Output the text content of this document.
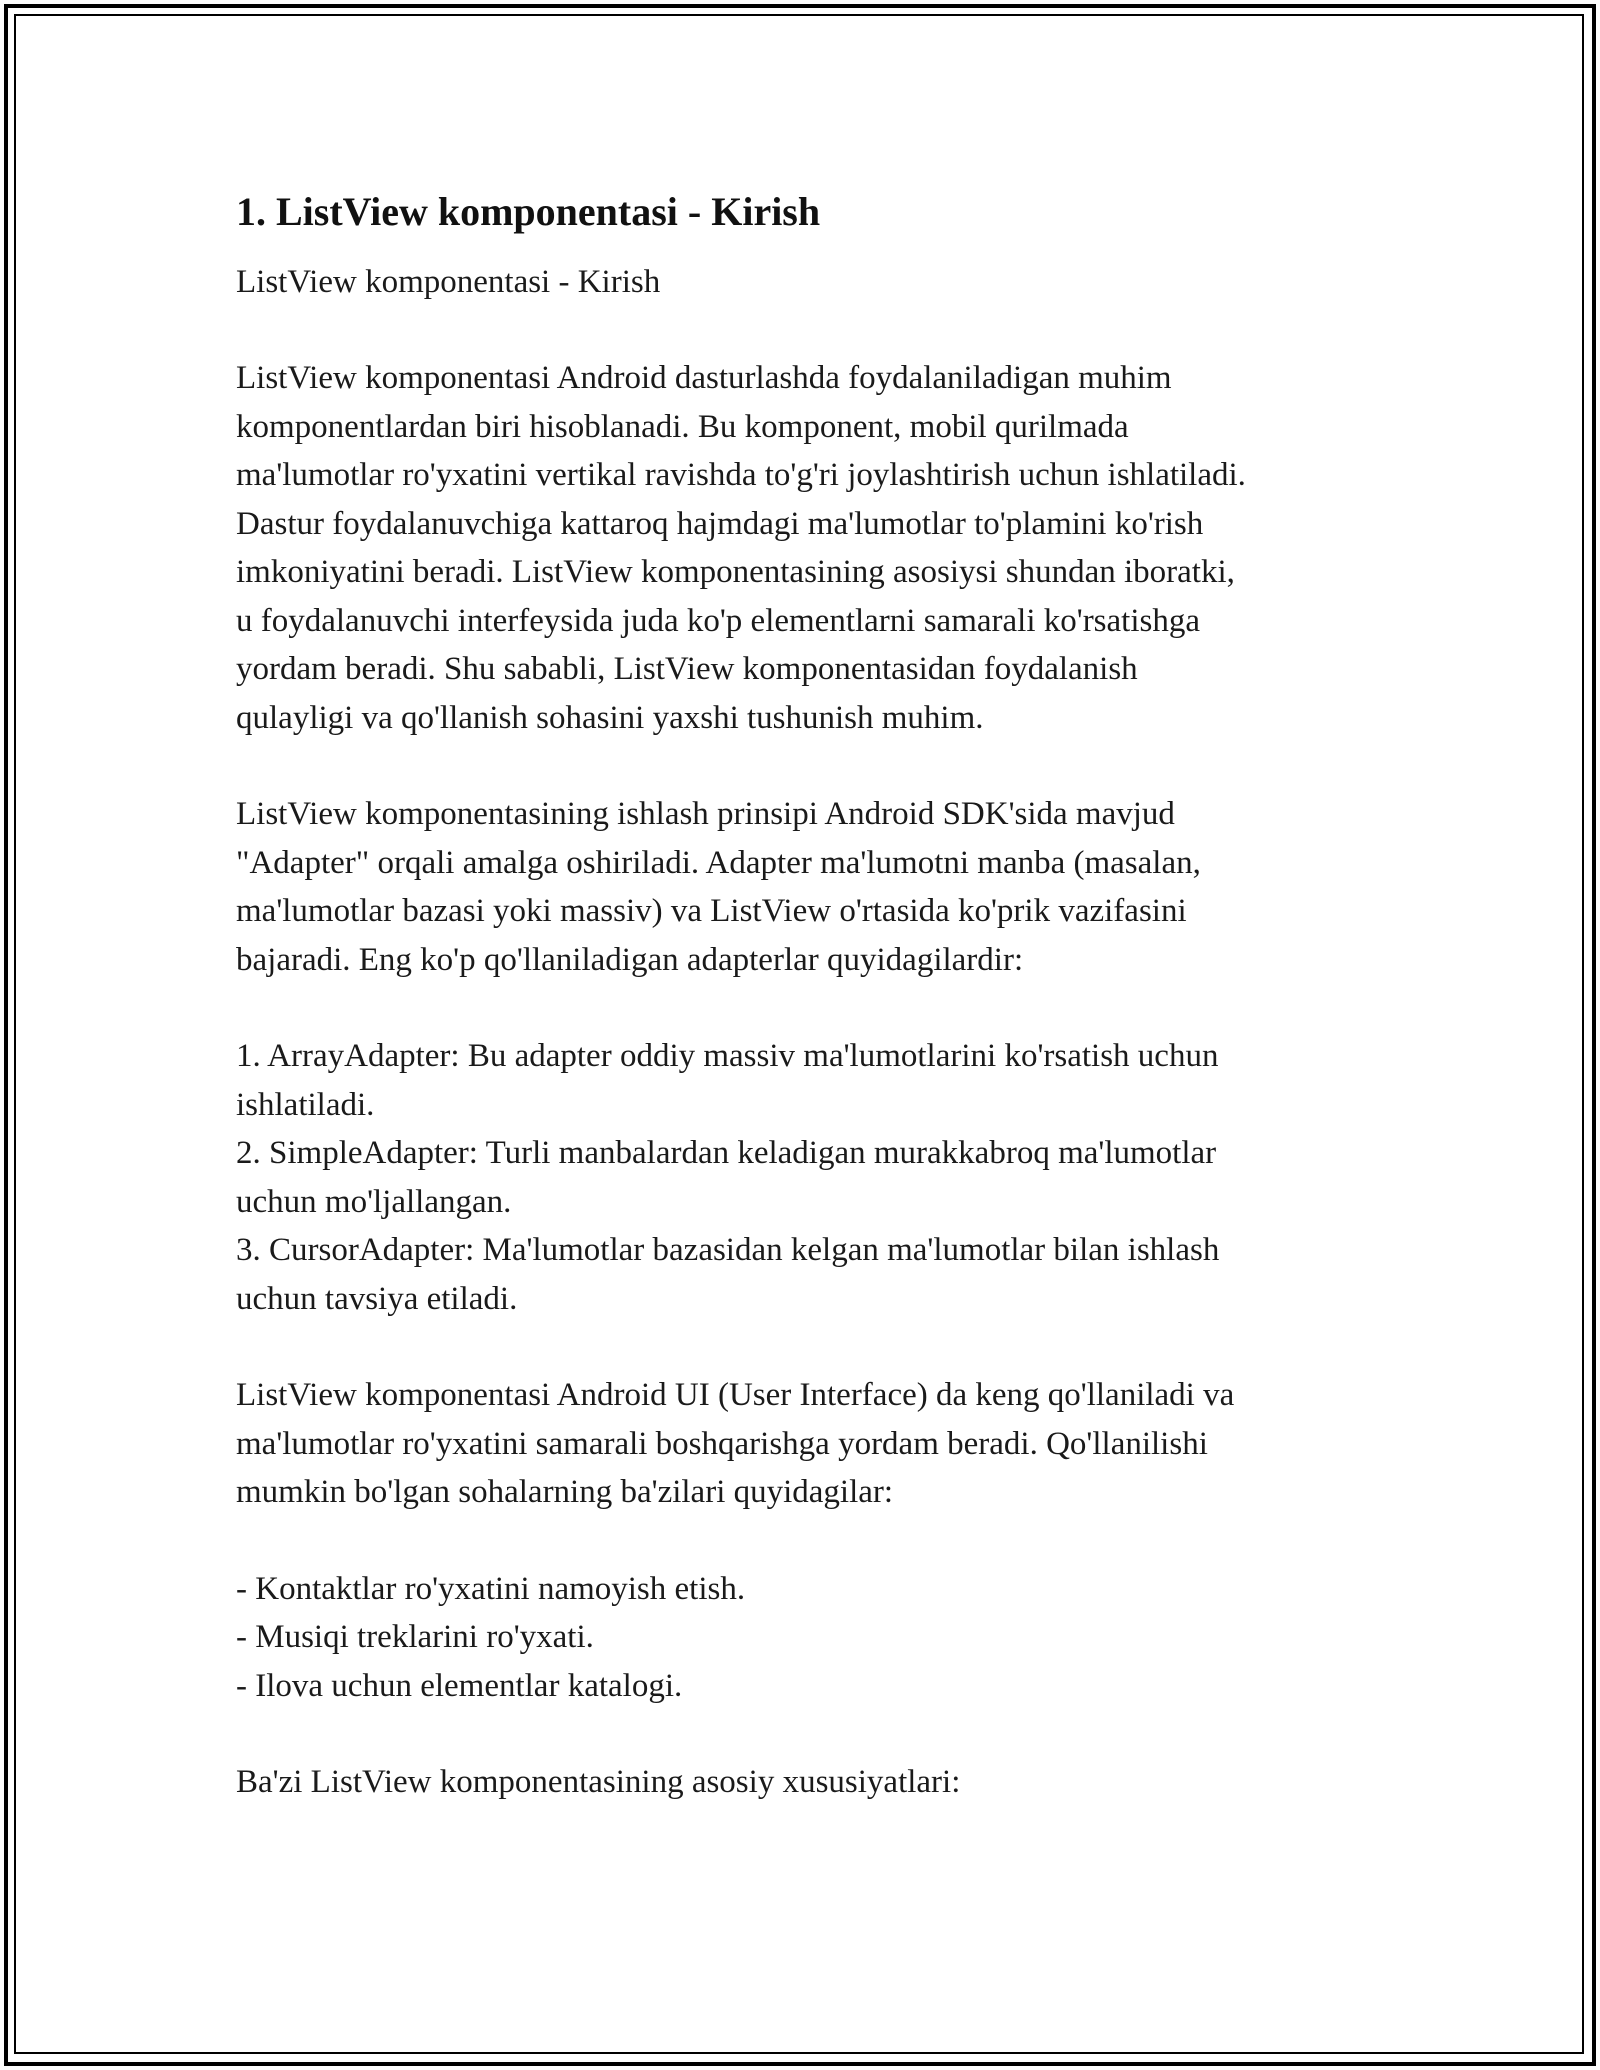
1. ListView komponentasi - Kirish

ListView komponentasi - Kirish

ListView komponentasi Android dasturlashda foydalaniladigan muhim
komponentlardan biri hisoblanadi. Bu komponent, mobil qurilmada
ma'lumotlar ro'yxatini vertikal ravishda to'g'ri joylashtirish uchun ishlatiladi.
Dastur foydalanuvchiga kattaroq hajmdagi ma'lumotlar to'plamini ko'rish
imkoniyatini beradi. ListView komponentasining asosiysi shundan iboratki,
u foydalanuvchi interfeysida juda ko'p elementlarni samarali ko'rsatishga
yordam beradi. Shu sababli, ListView komponentasidan foydalanish
qulayligi va qo'llanish sohasini yaxshi tushunish muhim.

ListView komponentasining ishlash prinsipi Android SDK'sida mavjud
"Adapter" orqali amalga oshiriladi. Adapter ma'lumotni manba (masalan,
ma'lumotlar bazasi yoki massiv) va ListView o'rtasida ko'prik vazifasini
bajaradi. Eng ko'p qo'llaniladigan adapterlar quyidagilardir:

1. ArrayAdapter: Bu adapter oddiy massiv ma'lumotlarini ko'rsatish uchun
ishlatiladi.
2. SimpleAdapter: Turli manbalardan keladigan murakkabroq ma'lumotlar
uchun mo'ljallangan.
3. CursorAdapter: Ma'lumotlar bazasidan kelgan ma'lumotlar bilan ishlash
uchun tavsiya etiladi.

ListView komponentasi Android UI (User Interface) da keng qo'llaniladi va
ma'lumotlar ro'yxatini samarali boshqarishga yordam beradi. Qo'llanilishi
mumkin bo'lgan sohalarning ba'zilari quyidagilar:

- Kontaktlar ro'yxatini namoyish etish.
- Musiqi treklarini ro'yxati.
- Ilova uchun elementlar katalogi.

Ba'zi ListView komponentasining asosiy xususiyatlari:
